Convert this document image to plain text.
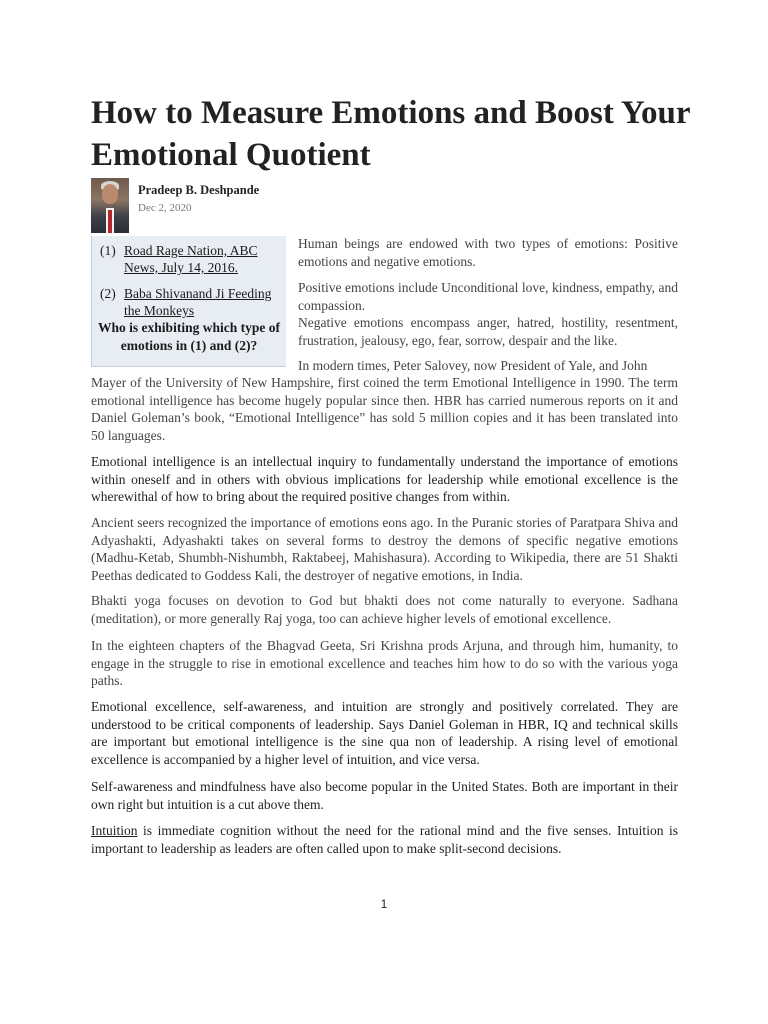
How to Measure Emotions and Boost Your Emotional Quotient
Pradeep B. Deshpande
Dec 2, 2020
(1) Road Rage Nation, ABC News, July 14, 2016.
(2) Baba Shivanand Ji Feeding the Monkeys
Who is exhibiting which type of emotions in (1) and (2)?

Human beings are endowed with two types of emotions: Positive emotions and negative emotions.

Positive emotions include Unconditional love, kindness, empathy, and compassion.

Negative emotions encompass anger, hatred, hostility, resentment, frustration, jealousy, ego, fear, sorrow, despair and the like.

In modern times, Peter Salovey, now President of Yale, and John

Mayer of the University of New Hampshire, first coined the term Emotional Intelligence in 1990. The term emotional intelligence has become hugely popular since then. HBR has carried numerous reports on it and Daniel Goleman’s book, “Emotional Intelligence” has sold 5 million copies and it has been translated into 50 languages.

Emotional intelligence is an intellectual inquiry to fundamentally understand the importance of emotions within oneself and in others with obvious implications for leadership while emotional excellence is the wherewithal of how to bring about the required positive changes from within.

Ancient seers recognized the importance of emotions eons ago. In the Puranic stories of Paratpara Shiva and Adyashakti, Adyashakti takes on several forms to destroy the demons of specific negative emotions (Madhu-Ketab, Shumbh-Nishumbh, Raktabeej, Mahishasura). According to Wikipedia, there are 51 Shakti Peethas dedicated to Goddess Kali, the destroyer of negative emotions, in India.

Bhakti yoga focuses on devotion to God but bhakti does not come naturally to everyone. Sadhana (meditation), or more generally Raj yoga, too can achieve higher levels of emotional excellence.

In the eighteen chapters of the Bhagvad Geeta, Sri Krishna prods Arjuna, and through him, humanity, to engage in the struggle to rise in emotional excellence and teaches him how to do so with the various yoga paths.

Emotional excellence, self-awareness, and intuition are strongly and positively correlated. They are understood to be critical components of leadership. Says Daniel Goleman in HBR, IQ and technical skills are important but emotional intelligence is the sine qua non of leadership. A rising level of emotional excellence is accompanied by a higher level of intuition, and vice versa.

Self-awareness and mindfulness have also become popular in the United States. Both are important in their own right but intuition is a cut above them.

Intuition is immediate cognition without the need for the rational mind and the five senses. Intuition is important to leadership as leaders are often called upon to make split-second decisions.

1
